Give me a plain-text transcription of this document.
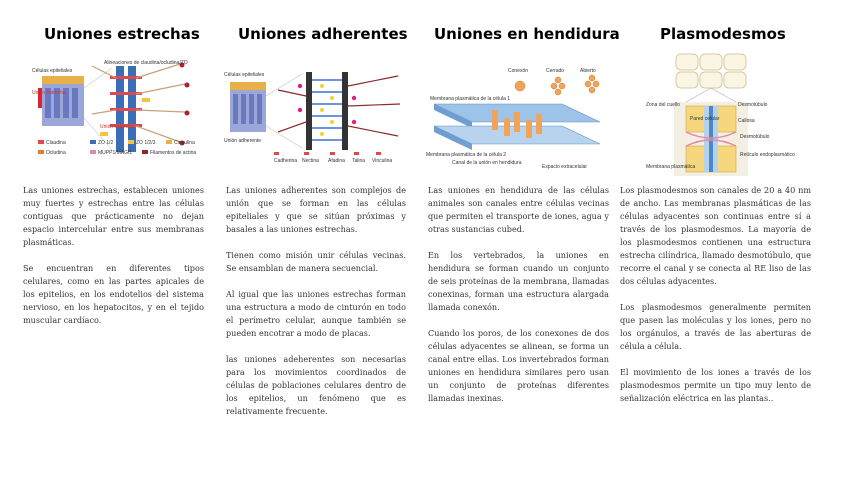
Uniones estrechas
Células epiteliales
Alineaciones de claudina/ocludina/ZO
Unión estrecha
Unión estrecha
Claudina	ZO 1/2	ZO 1/2/3	Cingulina
Ocludina	MUPP1/MAGI1	Filamentos de actina

Las uniones estrechas, establecen uniones muy fuertes y estrechas entre las células contiguas que prácticamente no dejan espacio intercelular entre sus membranas plasmáticas.

Se encuentran en diferentes tipos celulares, como en las partes apicales de los epitelios, en los endotelios del sistema nervioso, en los hepatocitos, y en el tejido muscular cardíaco.

Uniones adherentes
Células epiteliales
Unión adherente
Cadherina Nectina Afadina Talina Vinculina

Las uniones adherentes son complejos de unión que se forman en las células epiteliales y que se sitúan próximas y basales a las uniones estrechas.

Tienen como misión unir células vecinas. Se ensamblan de manera secuencial.

Al igual que las uniones estrechas forman una estructura a modo de cinturón en todo el perímetro celular, aunque también se pueden encotrar a modo de placas.

las uniones adeherentes son necesarias para los movimientos coordinados de células de poblaciones celulares dentro de los epitelios, un fenómeno que es relativamente frecuente.

Uniones en hendidura
Conexón	Cerrado	Abierto
Membrana plasmática de la célula 1
Membrana plasmática de la célula 2
Canal de la unión en hendidura
Espacio extracelular

Las uniones en hendidura de las células animales son canales entre células vecinas que permiten el transporte de iones, agua y otras sustancias cubed.

En los vertebrados, la uniones en hendidura se forman cuando un conjunto de seis proteínas de la membrana, llamadas conexinas, forman una estructura alargada llamada conexón.

Cuando los poros, de los conexones de dos células adyacentes se alinean, se forma un canal entre ellas. Los invertebrados forman uniones en hendidura similares pero usan un conjunto de proteínas diferentes llamadas inexinas.

Plasmodesmos
Zona del cuello
Pared celular
Membrana plasmática
Desmotúbulo
Callosa
Desmotúbulo
Retículo endoplasmático

Los plasmodesmos son canales de 20 a 40 nm de ancho. Las membranas plasmáticas de las células adyacentes son continuas entre sí a través de los plasmodesmos. La mayoría de los plasmodesmos contienen una estructura estrecha cilíndrica, llamado desmotúbulo, que recorre el canal y se conecta al RE liso de las dos células adyacentes.

Los plasmodesmos generalmente permiten que pasen las moléculas y los iones, pero no los orgánulos, a través de las aberturas de célula a célula.

El movimiento de los iones a través de los plasmodesmos permite un tipo muy lento de señalización eléctrica en las plantas..
